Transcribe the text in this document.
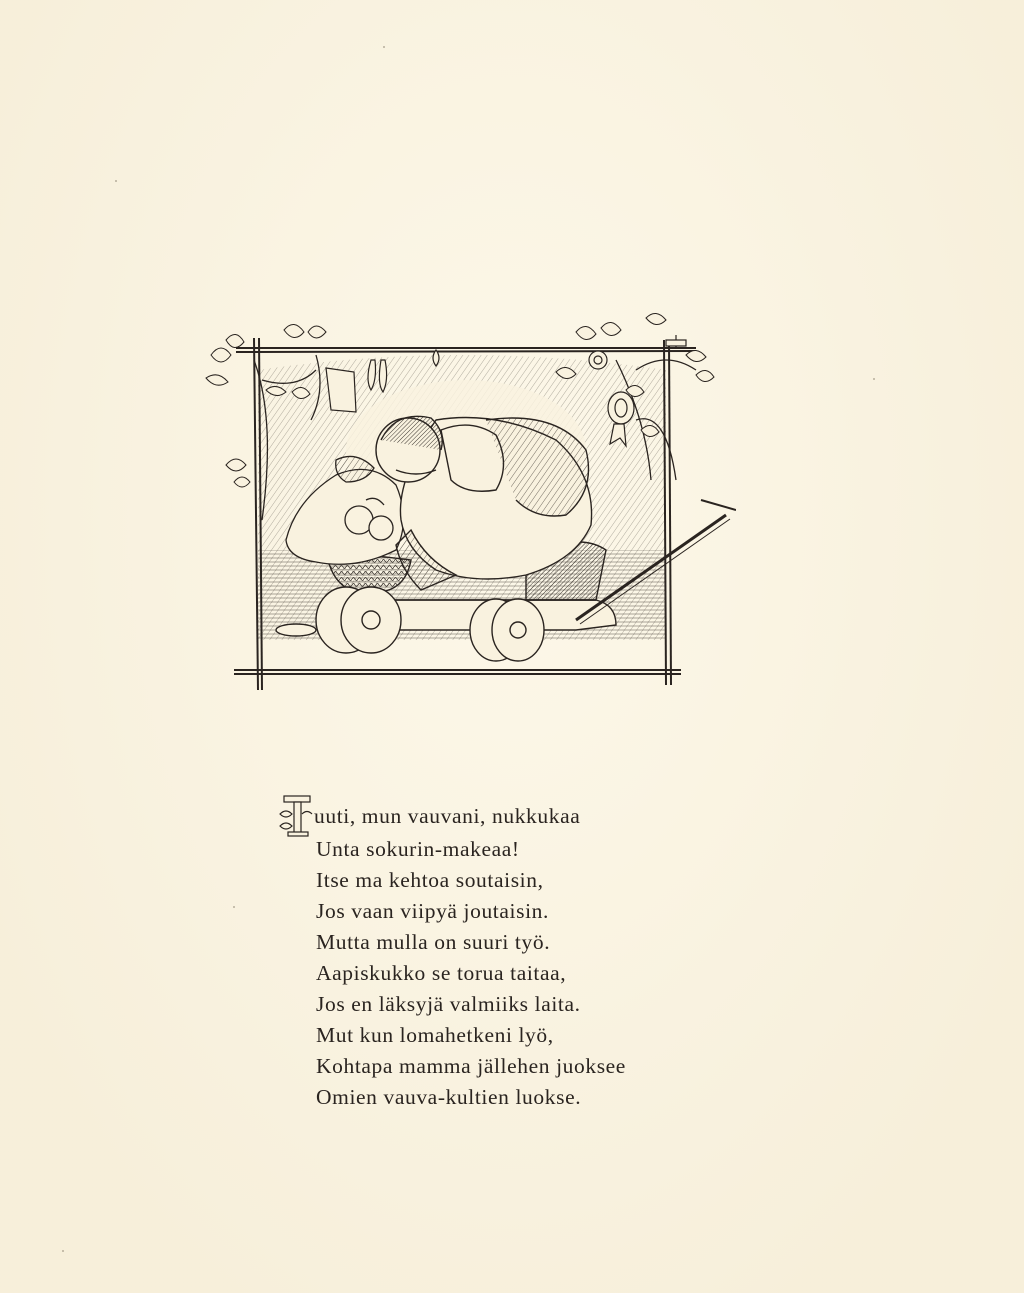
T uuti, mun vauvani, nukkukaa
Unta sokurin-makeaa!
Itse ma kehtoa soutaisin,
Jos vaan viipyä joutaisin.
Mutta mulla on suuri työ.
Aapiskukko se torua taitaa,
Jos en läksyjä valmiiks laita.
Mut kun lomahetkeni lyö,
Kohtapa mamma jällehen juoksee
Omien vauva-kultien luokse.
